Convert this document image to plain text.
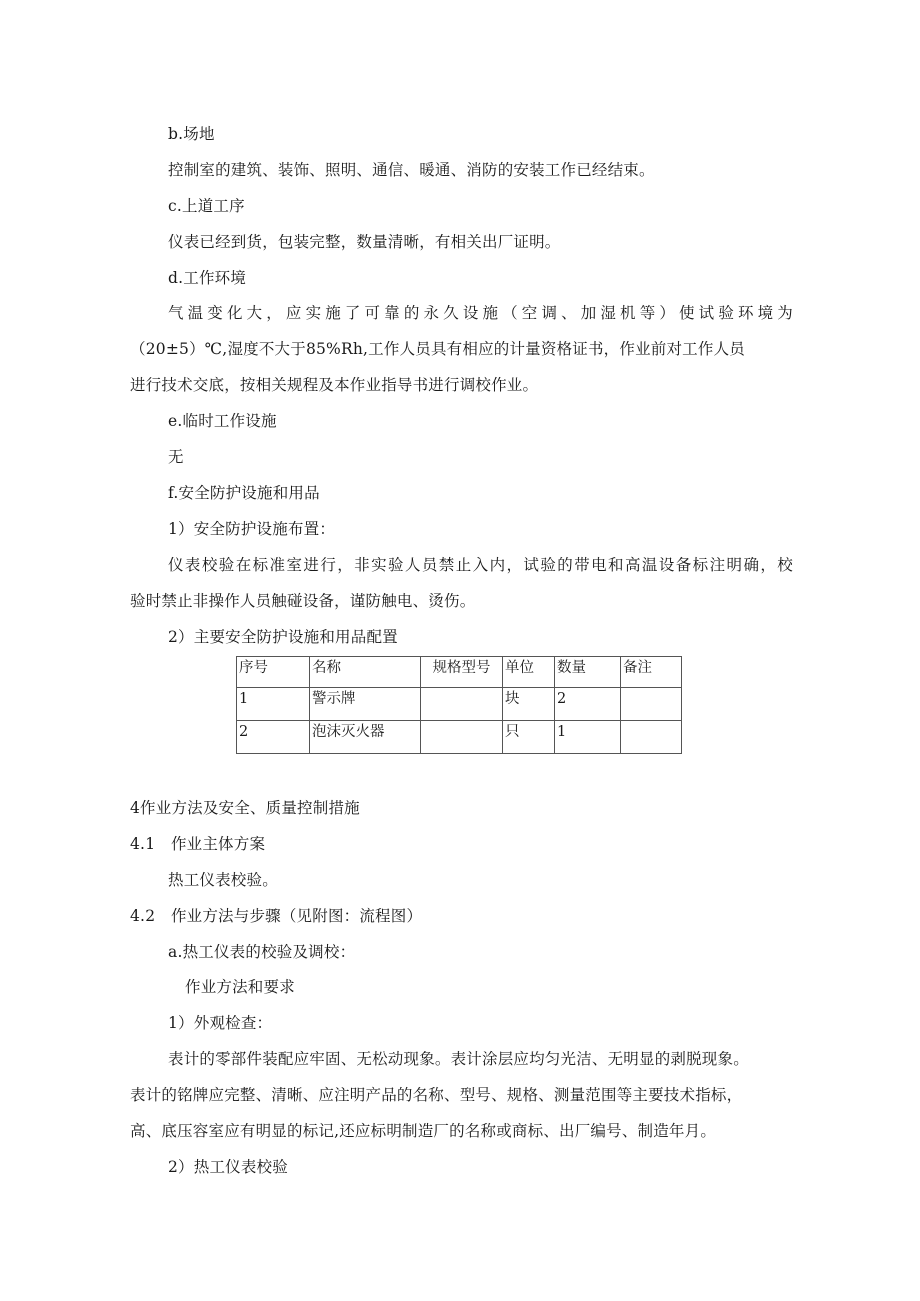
b.场地
控制室的建筑、装饰、照明、通信、暖通、消防的安装工作已经结束。
c.上道工序
仪表已经到货，包装完整，数量清晰，有相关出厂证明。
d.工作环境
气温变化大，应实施了可靠的永久设施（空调、加湿机等）使试验环境为
（20±5）℃,湿度不大于85%Rh,工作人员具有相应的计量资格证书，作业前对工作人员
进行技术交底，按相关规程及本作业指导书进行调校作业。
e.临时工作设施
无
f.安全防护设施和用品
1）安全防护设施布置：
仪表校验在标准室进行，非实验人员禁止入内，试验的带电和高温设备标注明确，校
验时禁止非操作人员触碰设备，谨防触电、烫伤。
2）主要安全防护设施和用品配置
序号	名称	规格型号	单位	数量	备注
1	警示牌		块	2	
2	泡沫灭火器		只	1	
4作业方法及安全、质量控制措施
4.1　作业主体方案
热工仪表校验。
4.2　作业方法与步骤（见附图：流程图）
a.热工仪表的校验及调校：
作业方法和要求
1）外观检查：
表计的零部件装配应牢固、无松动现象。表计涂层应均匀光洁、无明显的剥脱现象。
表计的铭牌应完整、清晰、应注明产品的名称、型号、规格、测量范围等主要技术指标，
高、底压容室应有明显的标记,还应标明制造厂的名称或商标、出厂编号、制造年月。
2）热工仪表校验
